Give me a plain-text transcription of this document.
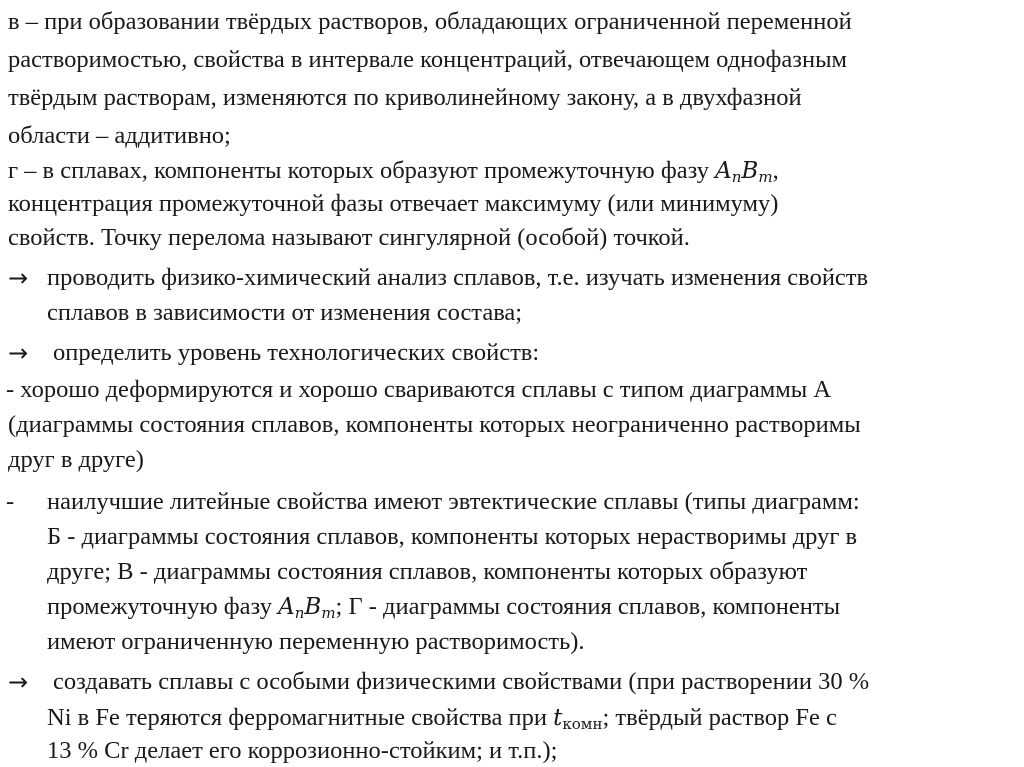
в – при образовании твёрдых растворов, обладающих ограниченной переменной
растворимостью, свойства в интервале концентраций, отвечающем однофазным
твёрдым растворам, изменяются по криволинейному закону, а в двухфазной
области – аддитивно;
г – в сплавах, компоненты которых образуют промежуточную фазу $A_nB_m$,
концентрация промежуточной фазы отвечает максимуму (или минимуму)
свойств. Точку перелома называют сингулярной (особой) точкой.
→ проводить физико-химический анализ сплавов, т.е. изучать изменения свойств
сплавов в зависимости от изменения состава;
→ определить уровень технологических свойств:
- хорошо деформируются и хорошо свариваются сплавы с типом диаграммы А
(диаграммы состояния сплавов, компоненты которых неограниченно растворимы
друг в друге)
- наилучшие литейные свойства имеют эвтектические сплавы (типы диаграмм:
Б - диаграммы состояния сплавов, компоненты которых нерастворимы друг в
друге; В - диаграммы состояния сплавов, компоненты которых образуют
промежуточную фазу $A_nB_m$; Г - диаграммы состояния сплавов, компоненты
имеют ограниченную переменную растворимость).
→ создавать сплавы с особыми физическими свойствами (при растворении 30 %
Ni в Fe теряются ферромагнитные свойства при $t_{комн}$; твёрдый раствор Fe с
13 % Cr делает его коррозионно-стойким; и т.п.);
